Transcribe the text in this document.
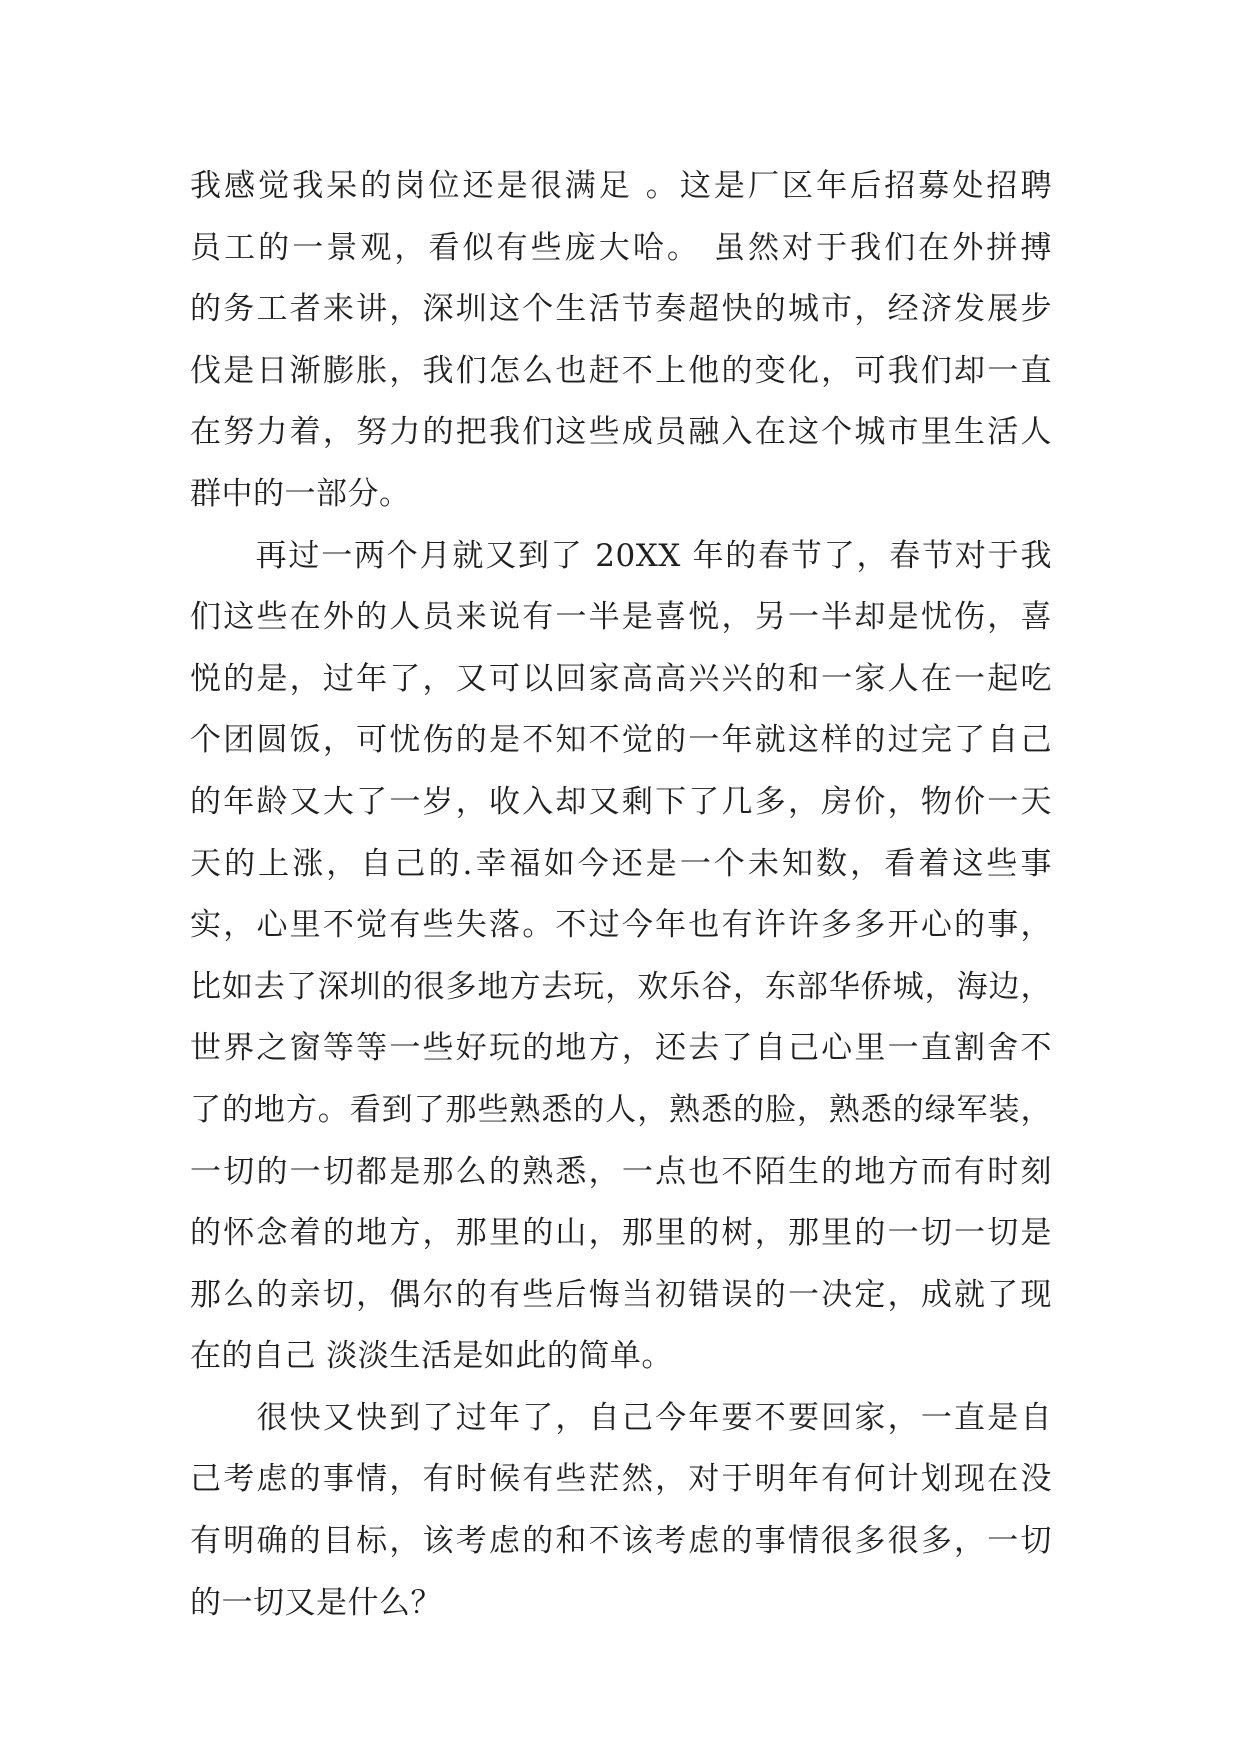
我感觉我呆的岗位还是很满足 。这是厂区年后招募处招聘
员工的一景观，看似有些庞大哈。 虽然对于我们在外拼搏
的务工者来讲，深圳这个生活节奏超快的城市，经济发展步
伐是日渐膨胀，我们怎么也赶不上他的变化，可我们却一直
在努力着，努力的把我们这些成员融入在这个城市里生活人
群中的一部分。
　　再过一两个月就又到了 20XX 年的春节了，春节对于我
们这些在外的人员来说有一半是喜悦，另一半却是忧伤，喜
悦的是，过年了，又可以回家高高兴兴的和一家人在一起吃
个团圆饭，可忧伤的是不知不觉的一年就这样的过完了自己
的年龄又大了一岁，收入却又剩下了几多，房价，物价一天
天的上涨，自己的.幸福如今还是一个未知数，看着这些事
实，心里不觉有些失落。不过今年也有许许多多开心的事，
比如去了深圳的很多地方去玩，欢乐谷，东部华侨城，海边，
世界之窗等等一些好玩的地方，还去了自己心里一直割舍不
了的地方。看到了那些熟悉的人，熟悉的脸，熟悉的绿军装，
一切的一切都是那么的熟悉，一点也不陌生的地方而有时刻
的怀念着的地方，那里的山，那里的树，那里的一切一切是
那么的亲切，偶尔的有些后悔当初错误的一决定，成就了现
在的自己 淡淡生活是如此的简单。
　　很快又快到了过年了，自己今年要不要回家，一直是自
己考虑的事情，有时候有些茫然，对于明年有何计划现在没
有明确的目标，该考虑的和不该考虑的事情很多很多，一切
的一切又是什么？
